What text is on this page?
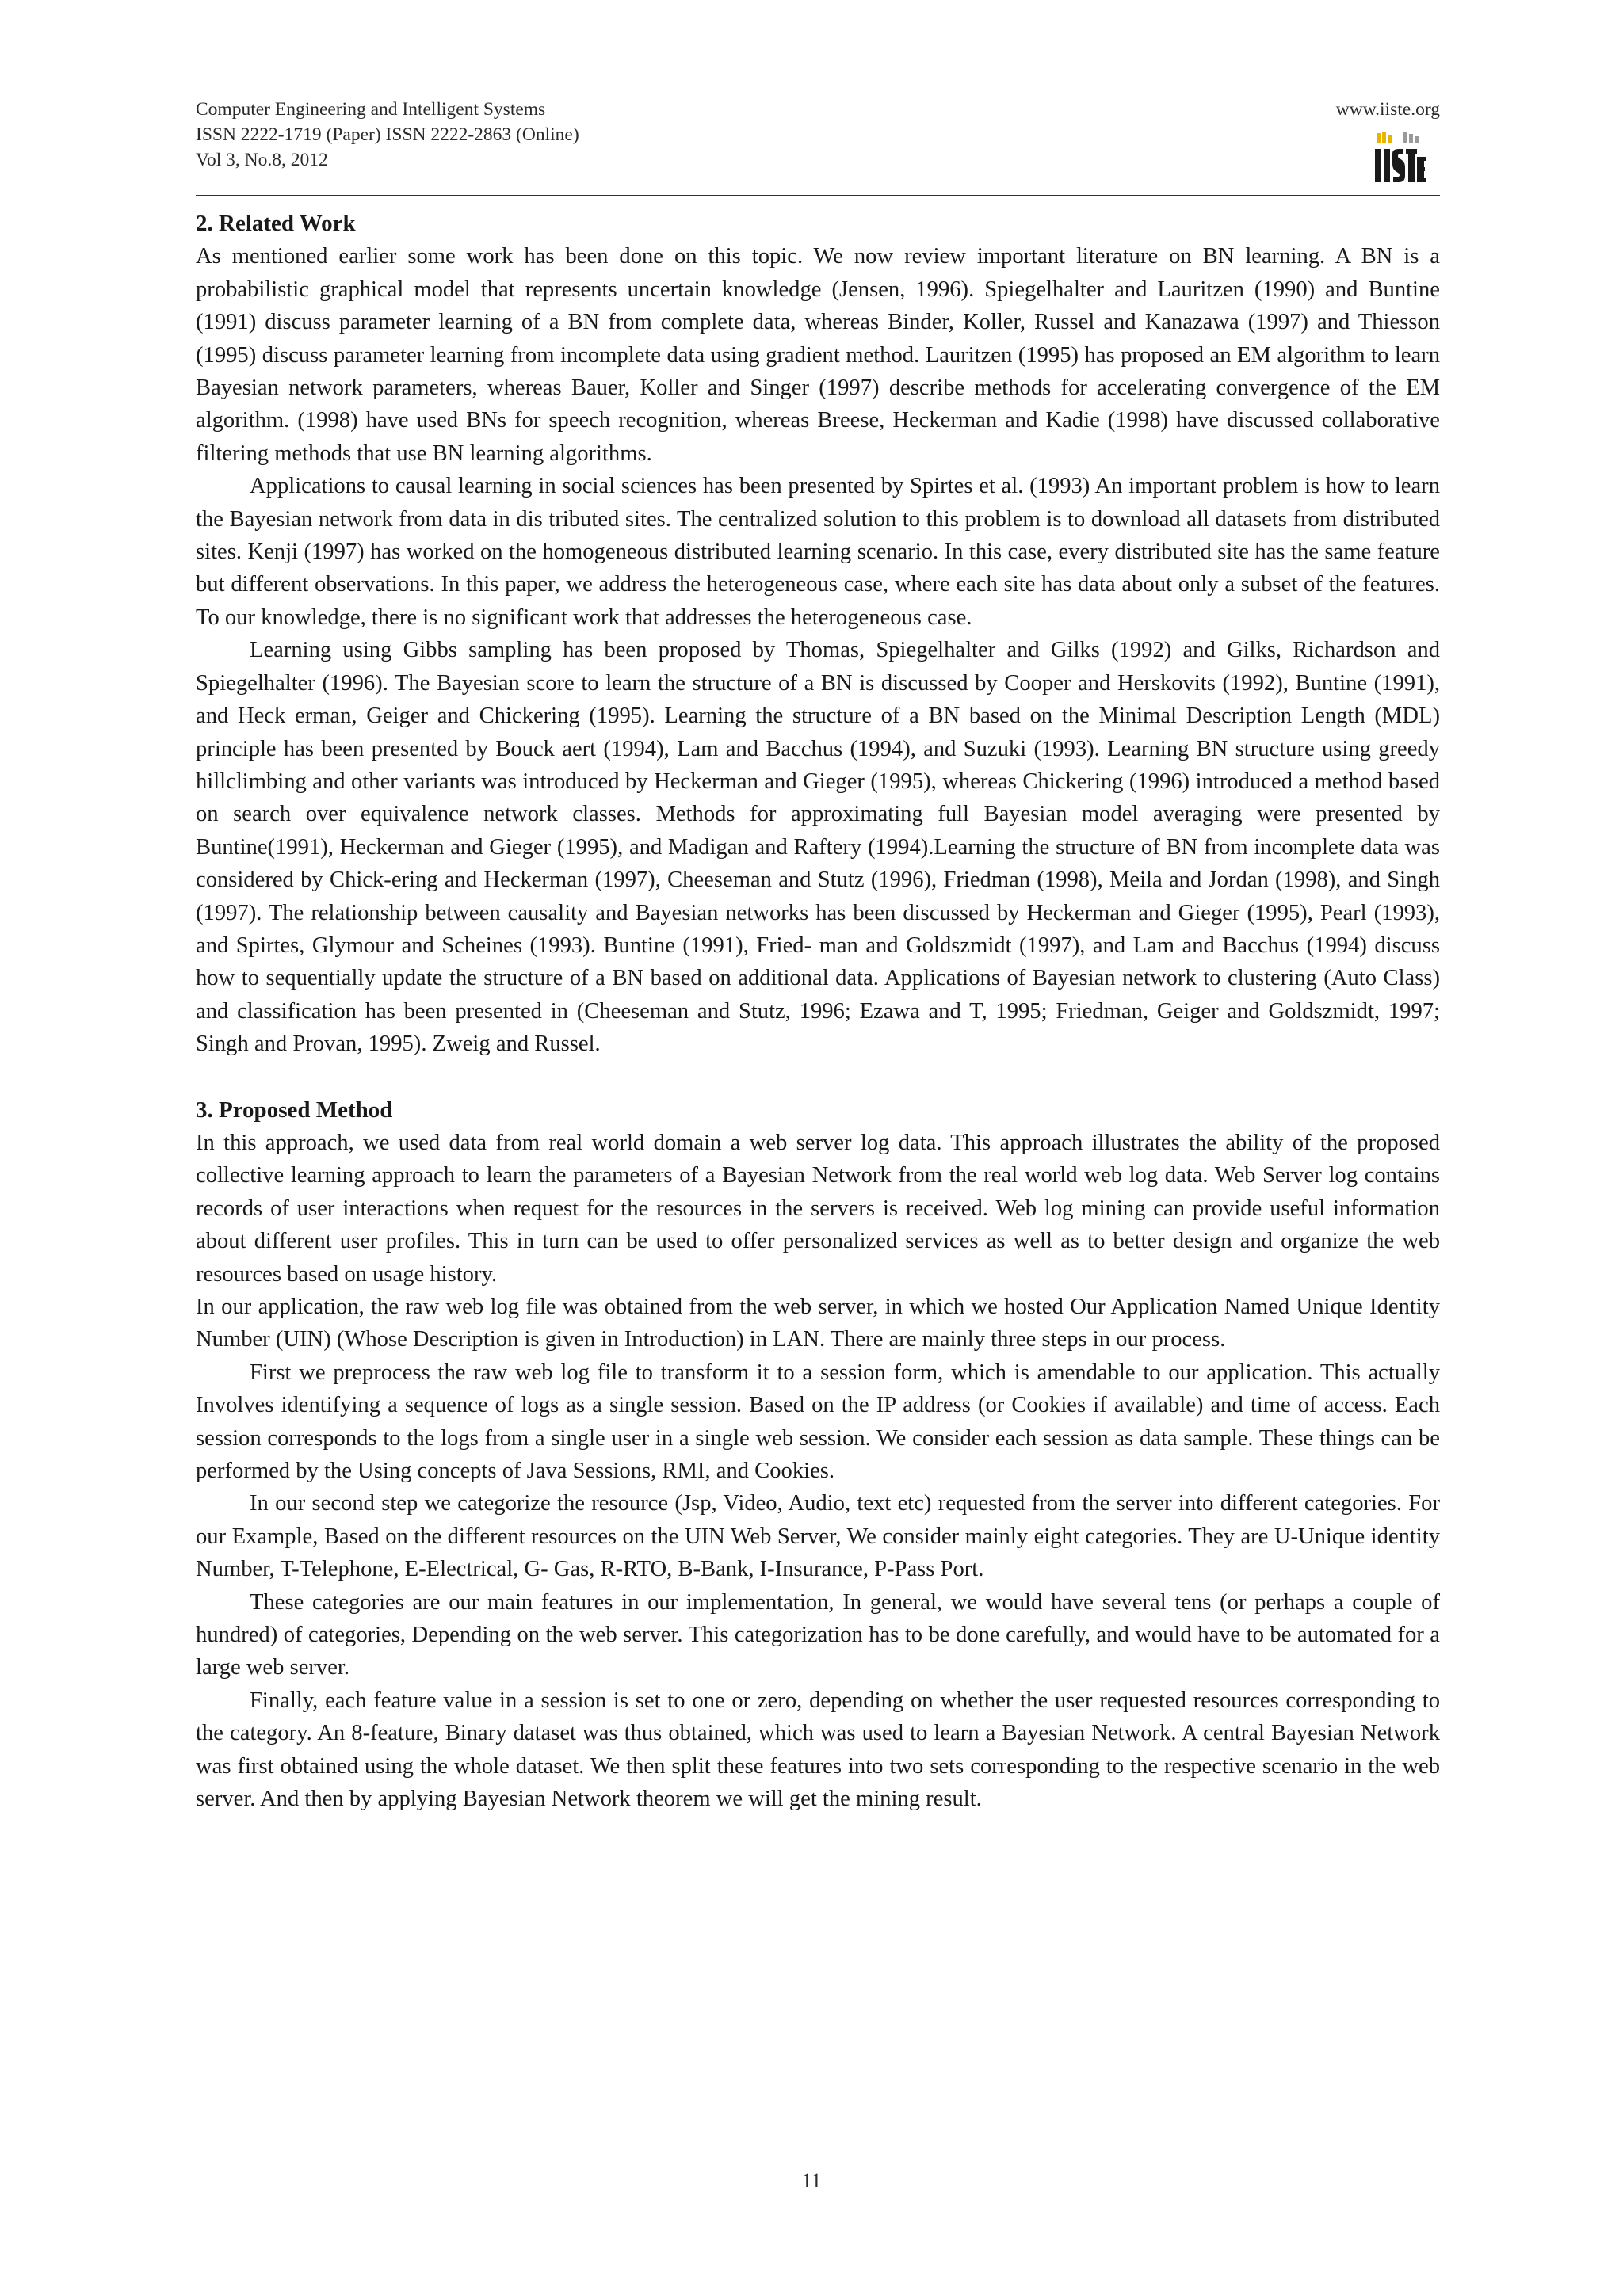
Computer Engineering and Intelligent Systems
ISSN 2222-1719 (Paper) ISSN 2222-2863 (Online)
Vol 3, No.8, 2012
www.iiste.org
2. Related Work

As mentioned earlier some work has been done on this topic. We now review important literature on BN learning. A BN is a probabilistic graphical model that represents uncertain knowledge (Jensen, 1996). Spiegelhalter and Lauritzen (1990) and Buntine (1991) discuss parameter learning of a BN from complete data, whereas Binder, Koller, Russel and Kanazawa (1997) and Thiesson (1995) discuss parameter learning from incomplete data using gradient method. Lauritzen (1995) has proposed an EM algorithm to learn Bayesian network parameters, whereas Bauer, Koller and Singer (1997) describe methods for accelerating convergence of the EM algorithm. (1998) have used BNs for speech recognition, whereas Breese, Heckerman and Kadie (1998) have discussed collaborative filtering methods that use BN learning algorithms.

Applications to causal learning in social sciences has been presented by Spirtes et al. (1993) An important problem is how to learn the Bayesian network from data in dis tributed sites. The centralized solution to this problem is to download all datasets from distributed sites. Kenji (1997) has worked on the homogeneous distributed learning scenario. In this case, every distributed site has the same feature but different observations. In this paper, we address the heterogeneous case, where each site has data about only a subset of the features. To our knowledge, there is no significant work that addresses the heterogeneous case.

Learning using Gibbs sampling has been proposed by Thomas, Spiegelhalter and Gilks (1992) and Gilks, Richardson and Spiegelhalter (1996). The Bayesian score to learn the structure of a BN is discussed by Cooper and Herskovits (1992), Buntine (1991), and Heck erman, Geiger and Chickering (1995). Learning the structure of a BN based on the Minimal Description Length (MDL) principle has been presented by Bouck aert (1994), Lam and Bacchus (1994), and Suzuki (1993). Learning BN structure using greedy hillclimbing and other variants was introduced by Heckerman and Gieger (1995), whereas Chickering (1996) introduced a method based on search over equivalence network classes. Methods for approximating full Bayesian model averaging were presented by Buntine(1991), Heckerman and Gieger (1995), and Madigan and Raftery (1994).Learning the structure of BN from incomplete data was considered by Chick-ering and Heckerman (1997), Cheeseman and Stutz (1996), Friedman (1998), Meila and Jordan (1998), and Singh (1997). The relationship between causality and Bayesian networks has been discussed by Heckerman and Gieger (1995), Pearl (1993), and Spirtes, Glymour and Scheines (1993). Buntine (1991), Fried- man and Goldszmidt (1997), and Lam and Bacchus (1994) discuss how to sequentially update the structure of a BN based on additional data. Applications of Bayesian network to clustering (Auto Class) and classification has been presented in (Cheeseman and Stutz, 1996; Ezawa and T, 1995; Friedman, Geiger and Goldszmidt, 1997; Singh and Provan, 1995). Zweig and Russel.

3. Proposed Method

In this approach, we used data from real world domain a web server log data. This approach illustrates the ability of the proposed collective learning approach to learn the parameters of a Bayesian Network from the real world web log data. Web Server log contains records of user interactions when request for the resources in the servers is received. Web log mining can provide useful information about different user profiles. This in turn can be used to offer personalized services as well as to better design and organize the web resources based on usage history.

In our application, the raw web log file was obtained from the web server, in which we hosted Our Application Named Unique Identity Number (UIN) (Whose Description is given in Introduction) in LAN. There are mainly three steps in our process.

First we preprocess the raw web log file to transform it to a session form, which is amendable to our application. This actually Involves identifying a sequence of logs as a single session. Based on the IP address (or Cookies if available) and time of access. Each session corresponds to the logs from a single user in a single web session. We consider each session as data sample. These things can be performed by the Using concepts of Java Sessions, RMI, and Cookies.

In our second step we categorize the resource (Jsp, Video, Audio, text etc) requested from the server into different categories. For our Example, Based on the different resources on the UIN Web Server, We consider mainly eight categories. They are U-Unique identity Number, T-Telephone, E-Electrical, G- Gas, R-RTO, B-Bank, I-Insurance, P-Pass Port.

These categories are our main features in our implementation, In general, we would have several tens (or perhaps a couple of hundred) of categories, Depending on the web server. This categorization has to be done carefully, and would have to be automated for a large web server.

Finally, each feature value in a session is set to one or zero, depending on whether the user requested resources corresponding to the category. An 8-feature, Binary dataset was thus obtained, which was used to learn a Bayesian Network. A central Bayesian Network was first obtained using the whole dataset. We then split these features into two sets corresponding to the respective scenario in the web server. And then by applying Bayesian Network theorem we will get the mining result.

11
